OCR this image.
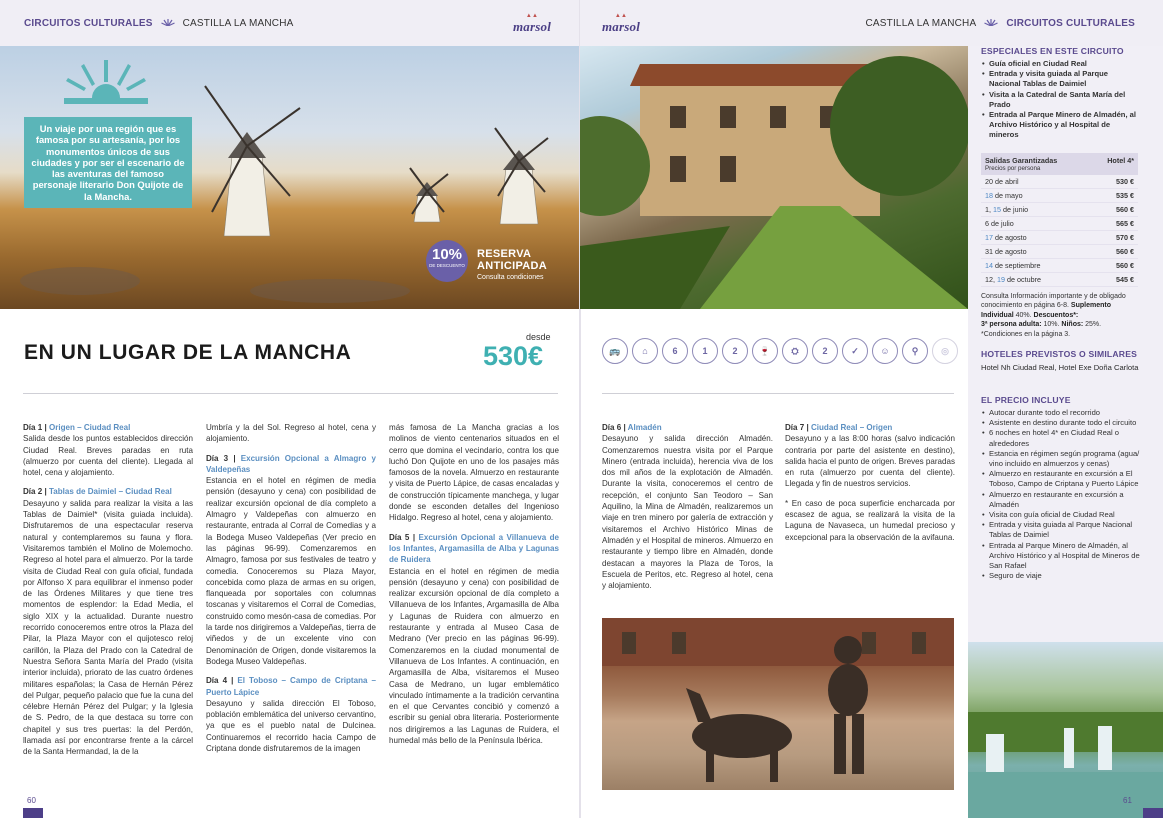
CIRCUITOS CULTURALES	CASTILLA LA MANCHA
▲▲
marsol
Un viaje por una región que es famosa por su artesanía, por los monumentos únicos de sus ciudades y por ser el escenario de las aventuras del famoso personaje literario Don Quijote de la Mancha.
10%
DE DESCUENTO
RESERVA
ANTICIPADA
Consulta condiciones
EN UN LUGAR DE LA MANCHA
desde
530€

Día 1 | Origen – Ciudad Real
Salida desde los puntos establecidos dirección Ciudad Real. Breves paradas en ruta (almuerzo por cuenta del cliente). Llegada al hotel, cena y alojamiento.

Día 2 | Tablas de Daimiel – Ciudad Real
Desayuno y salida para realizar la visita a las Tablas de Daimiel* (visita guiada incluida). Disfrutaremos de una espectacular reserva natural y contemplaremos su fauna y flora. Visitaremos también el Molino de Molemocho. Regreso al hotel para el almuerzo. Por la tarde visita de Ciudad Real con guía oficial, fundada por Alfonso X para equilibrar el inmenso poder de las Órdenes Militares y que tiene tres momentos de esplendor: la Edad Media, el siglo XIX y la actualidad. Durante nuestro recorrido conoceremos entre otros la Plaza del Pilar, la Plaza Mayor con el quijotesco reloj carillón, la Plaza del Prado con la Catedral de Nuestra Señora Santa María del Prado (visita interior incluida), priorato de las cuatro órdenes militares españolas; la Casa de Hernán Pérez del Pulgar, pequeño palacio que fue la cuna del célebre Hernán Pérez del Pulgar; y la Iglesia de S. Pedro, de la que destaca su torre con chapitel y sus tres puertas: la del Perdón, llamada así por encontrarse frente a la cárcel de la Santa Hermandad, la de la

Umbría y la del Sol. Regreso al hotel, cena y alojamiento.

Día 3 | Excursión Opcional a Almagro y Valdepeñas
Estancia en el hotel en régimen de media pensión (desayuno y cena) con posibilidad de realizar excursión opcional de día completo a Almagro y Valdepeñas con almuerzo en restaurante, entrada al Corral de Comedias y a la Bodega Museo Valdepeñas (Ver precio en las páginas 96-99). Comenzaremos en Almagro, famosa por sus festivales de teatro y comedia. Conoceremos su Plaza Mayor, concebida como plaza de armas en su origen, flanqueada por soportales con columnas toscanas y visitaremos el Corral de Comedias, construido como mesón-casa de comedias. Por la tarde nos dirigiremos a Valdepeñas, tierra de viñedos y de un excelente vino con Denominación de Origen, donde visitaremos la Bodega Museo Valdepeñas.

Día 4 | El Toboso – Campo de Criptana – Puerto Lápice
Desayuno y salida dirección El Toboso, población emblemática del universo cervantino, ya que es el pueblo natal de Dulcinea. Continuaremos el recorrido hacia Campo de Criptana donde disfrutaremos de la imagen

más famosa de La Mancha gracias a los molinos de viento centenarios situados en el cerro que domina el vecindario, contra los que luchó Don Quijote en uno de los pasajes más famosos de la novela. Almuerzo en restaurante y visita de Puerto Lápice, de casas encaladas y de construcción típicamente manchega, y lugar donde se esconden detalles del Ingenioso Hidalgo. Regreso al hotel, cena y alojamiento.

Día 5 | Excursión Opcional a Villanueva de los Infantes, Argamasilla de Alba y Lagunas de Ruidera
Estancia en el hotel en régimen de media pensión (desayuno y cena) con posibilidad de realizar excursión opcional de día completo a Villanueva de los Infantes, Argamasilla de Alba y Lagunas de Ruidera con almuerzo en restaurante y entrada al Museo Casa de Medrano (Ver precio en las páginas 96-99). Comenzaremos en la ciudad monumental de Villanueva de Los Infantes. A continuación, en Argamasilla de Alba, visitaremos el Museo Casa de Medrano, un lugar emblemático vinculado íntimamente a la tradición cervantina en el que Cervantes concibió y comenzó a escribir su genial obra literaria. Posteriormente nos dirigiremos a las Lagunas de Ruidera, el humedal más bello de la Península Ibérica.

60
▲▲
marsol	CASTILLA LA MANCHA	CIRCUITOS CULTURALES
🚌	⌂	6	1	2	🍷	⛭	2	✓	☺	⚲	◎

Día 6 | Almadén
Desayuno y salida dirección Almadén. Comenzaremos nuestra visita por el Parque Minero (entrada incluida), herencia viva de los dos mil años de la explotación de Almadén. Durante la visita, conoceremos el centro de recepción, el conjunto San Teodoro – San Aquilino, la Mina de Almadén, realizaremos un viaje en tren minero por galería de extracción y visitaremos el Archivo Histórico Minas de Almadén y el Hospital de mineros. Almuerzo en restaurante y tiempo libre en Almadén, donde destacan a mayores la Plaza de Toros, la Escuela de Peritos, etc. Regreso al hotel, cena y alojamiento.

Día 7 | Ciudad Real – Origen
Desayuno y a las 8:00 horas (salvo indicación contraria por parte del asistente en destino), salida hacia el punto de origen. Breves paradas en ruta (almuerzo por cuenta del cliente). Llegada y fin de nuestros servicios.

* En caso de poca superficie encharcada por escasez de agua, se realizará la visita de la Laguna de Navaseca, un humedal precioso y excepcional para la observación de la avifauna.

ESPECIALES EN ESTE CIRCUITO
• Guía oficial en Ciudad Real
• Entrada y visita guiada al Parque Nacional Tablas de Daimiel
• Visita a la Catedral de Santa María del Prado
• Entrada al Parque Minero de Almadén, al Archivo Histórico y al Hospital de mineros
Salidas Garantizadas
Precios por persona
Hotel 4*
20 de abril	530 €
18 de mayo	535 €
1, 15 de junio	560 €
6 de julio	565 €
17 de agosto	570 €
31 de agosto	560 €
14 de septiembre	560 €
12, 19 de octubre	545 €
Consulta Información importante y de obligado conocimiento en página 6-8. Suplemento Individual 40%. Descuentos*:
3ª persona adulta: 10%. Niños: 25%.
*Condiciones en la página 3.
HOTELES PREVISTOS O SIMILARES
Hotel Nh Ciudad Real, Hotel Exe Doña Carlota
EL PRECIO INCLUYE
• Autocar durante todo el recorrido
• Asistente en destino durante todo el circuito
• 6 noches en hotel 4* en Ciudad Real o alrededores
• Estancia en régimen según programa (agua/ vino incluido en almuerzos y cenas)
• Almuerzo en restaurante en excursión a El Toboso, Campo de Criptana y Puerto Lápice
• Almuerzo en restaurante en excursión a Almadén
• Visita con guía oficial de Ciudad Real
• Entrada y visita guiada al Parque Nacional Tablas de Daimiel
• Entrada al Parque Minero de Almadén, al Archivo Histórico y al Hospital de Mineros de San Rafael
• Seguro de viaje
61
